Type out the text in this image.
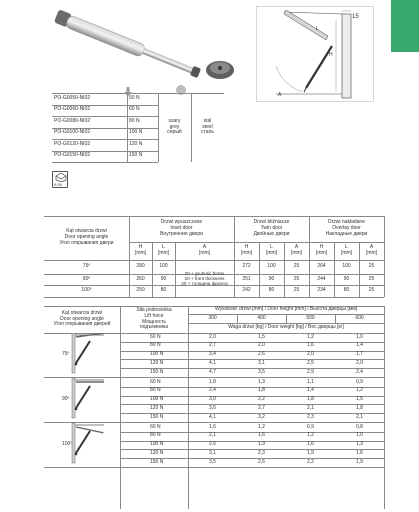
15
H
L
A
PO-G0050-NI02	50 N
PO-G0060-NI02	60 N
PO-G0080-NI02	80 N
PO-G0100-NI02	100 N
PO-G0120-NI02	120 N
PO-G0150-NI02	150 N
szary
grey
серый
stal
steel
сталь
A 50
Kąt otwarcia drzwi
Door opening angle
Угол открывания двери
Drzwi wpuszczane
Inset door
Внутренние двери
Drzwi bliźniacze
Twin door
Двойные двери
Drzwi nakładane
Overlay door
Накладные двери
H
[mm]
L
[mm]
A
[mm]
H
[mm]
L
[mm]
A
[mm]
H
[mm]
L
[mm]
A
[mm]
75º	280	100	272	100	25	264	100	25
90º	260	90	251	90	25	244	90	25
100º	250	80	242	80	25	234	80	25
20 + grubość frontu
20 + front thickness
20 + толщина фронта
Kąt otwarcia drzwi
Door opening angle
Угол открывания дверей
Siła podnośnika
Lift force
Мощность
подъемника
Wysokość drzwi [mm] / Door height [mm] / Высота дверцы [мм]
300	400	500	600
Waga drzwi [kg] / Door weight [kg] / Вес дверцы [кг]
75º
60 N	2,0	1,5	1,2	1,0
80 N	2,7	2,0	1,6	1,4
100 N	3,4	2,6	2,0	1,7
120 N	4,1	3,1	2,5	2,0
150 N	4,7	3,5	2,9	2,4
90º
60 N	1,8	1,3	1,1	0,9
80 N	2,4	1,8	1,4	1,2
100 N	3,0	2,2	1,8	1,5
120 N	3,6	2,7	2,1	1,8
150 N	4,1	3,2	2,3	2,1
100º
60 N	1,6	1,2	0,9	0,8
80 N	2,1	1,6	1,2	1,0
100 N	2,6	1,9	1,6	1,3
120 N	3,1	2,3	1,9	1,6
150 N	3,5	2,6	2,2	1,9
